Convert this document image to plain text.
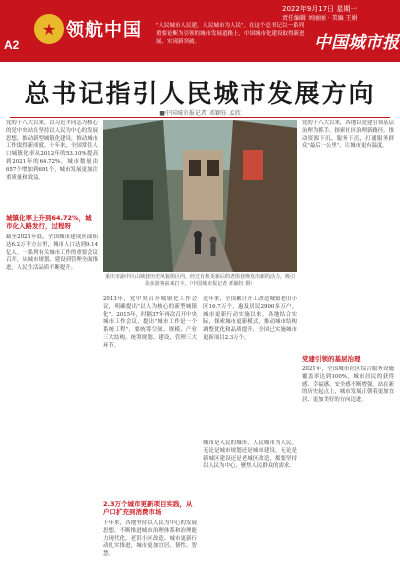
A2
★ 领航中国	"人民城市人民建，人民城市为人民"。在这个总书记以一系列重要论断为引领的城市发展道路上，中国城市化建设取得新进展、实现新突破。
2022年9月17日 星期一
责任编辑 刘丽丽 · 美编 王娟
中国城市报
总书记指引人民城市发展方向
■中国城市报记者 邓颖钰 孟欣
党的十八大以来，以习近平同志为核心的党中央站在坚持以人民为中心的发展思想，推动新型城镇化建设，推动城市工作取得新成就。十年来，全国常住人口城镇化率从2012年的53.10%提高到2021年的64.72%，城市数量由657个增加到691个，城市发展更加注重质量和效益。
城镇化率上升到64.72%，城市化入路发行，过程呀
截至2021年底，全国城市建成区面积达6.2万平方公里，城市人口达到9.14亿人。一系列有关城市工作的重要会议召开，从城市规划、建设到管理全面推进，人民生活品质不断提升。
重庆市渝中区山城巷历史风貌街区内，经过有机更新后的老街巷焕发出新的活力，吸引众多游客前来打卡。（中国城市报记者 邓颖钰 摄）
2013年，党中央召开城镇化工作会议，明确提出"以人为核心的新型城镇化"。2015年，时隔37年再次召开中央城市工作会议，提出"城市工作是一个系统工程"，要统筹空间、规模、产业三大结构，统筹规划、建设、管理三大环节。
2.3万个城市更新项目实践，从户口扩充到消费市场
十年来，各地坚持以人民为中心的发展思想，不断推进城市治理体系和治理能力现代化，老旧小区改造、城市更新行动扎实推进，城市更加宜居、韧性、智慧。
近年来，全国累计开工改造城镇老旧小区16.7万个，惠及居民2900多万户。城市更新行动实施以来，各地结合实际，探索城市更新模式，推动城市结构调整优化和品质提升，全国已实施城市更新项目2.3万个。
城市是人民的城市，人民城市为人民。无论是城市规划还是城市建设，无论是新城区建设还是老城区改造，都要坚持以人民为中心，聚焦人民群众的需求。
党的十八大以来，各地以党建引领基层治理为抓手，探索社区治理新路径，推动资源下沉、服务下沉，打通服务群众"最后一公里"，让城市更有温度。
党建引领的基层治理
2021年，全国城市社区综合服务设施覆盖率达到100%，城市居民的获得感、幸福感、安全感不断增强。站在新的历史起点上，城市发展正朝着更加宜居、更加美好的方向迈进。
